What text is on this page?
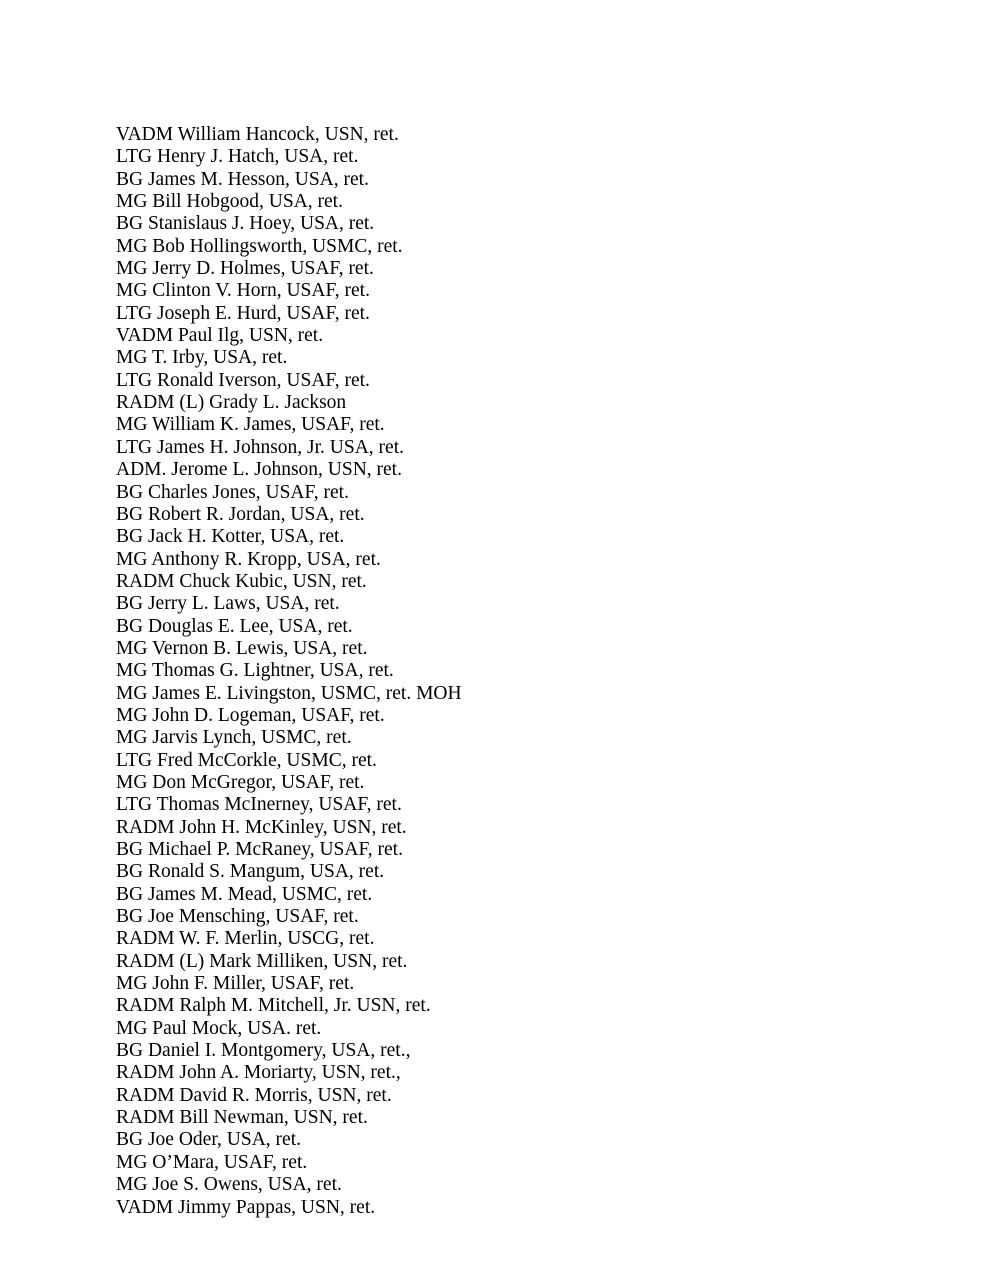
VADM William Hancock, USN, ret.
LTG Henry J. Hatch, USA, ret.
BG James M. Hesson, USA, ret.
MG Bill Hobgood, USA, ret.
BG Stanislaus J. Hoey, USA, ret.
MG Bob Hollingsworth, USMC, ret.
MG Jerry D. Holmes, USAF, ret.
MG Clinton V. Horn, USAF, ret.
LTG Joseph E. Hurd, USAF, ret.
VADM Paul Ilg, USN, ret.
MG T. Irby, USA, ret.
LTG Ronald Iverson, USAF, ret.
RADM (L) Grady L. Jackson
MG William K. James, USAF, ret.
LTG James H. Johnson, Jr. USA, ret.
ADM. Jerome L. Johnson, USN, ret.
BG Charles Jones, USAF, ret.
BG Robert R. Jordan, USA, ret.
BG Jack H. Kotter, USA, ret.
MG Anthony R. Kropp, USA, ret.
RADM Chuck Kubic, USN, ret.
BG Jerry L. Laws, USA, ret.
BG Douglas E. Lee, USA, ret.
MG Vernon B. Lewis, USA, ret.
MG Thomas G. Lightner, USA, ret.
MG James E. Livingston, USMC, ret. MOH
MG John D. Logeman, USAF, ret.
MG Jarvis Lynch, USMC, ret.
LTG Fred McCorkle, USMC, ret.
MG Don McGregor, USAF, ret.
LTG Thomas McInerney, USAF, ret.
RADM John H. McKinley, USN, ret.
BG Michael P. McRaney, USAF, ret.
BG Ronald S. Mangum, USA, ret.
BG James M. Mead, USMC, ret.
BG Joe Mensching, USAF, ret.
RADM W. F. Merlin, USCG, ret.
RADM (L) Mark Milliken, USN, ret.
MG John F. Miller, USAF, ret.
RADM Ralph M. Mitchell, Jr. USN, ret.
MG Paul Mock, USA. ret.
BG Daniel I. Montgomery, USA, ret.,
RADM John A. Moriarty, USN, ret.,
RADM David R. Morris, USN, ret.
RADM Bill Newman, USN, ret.
BG Joe Oder, USA, ret.
MG O’Mara, USAF, ret.
MG Joe S. Owens, USA, ret.
VADM Jimmy Pappas, USN, ret.
